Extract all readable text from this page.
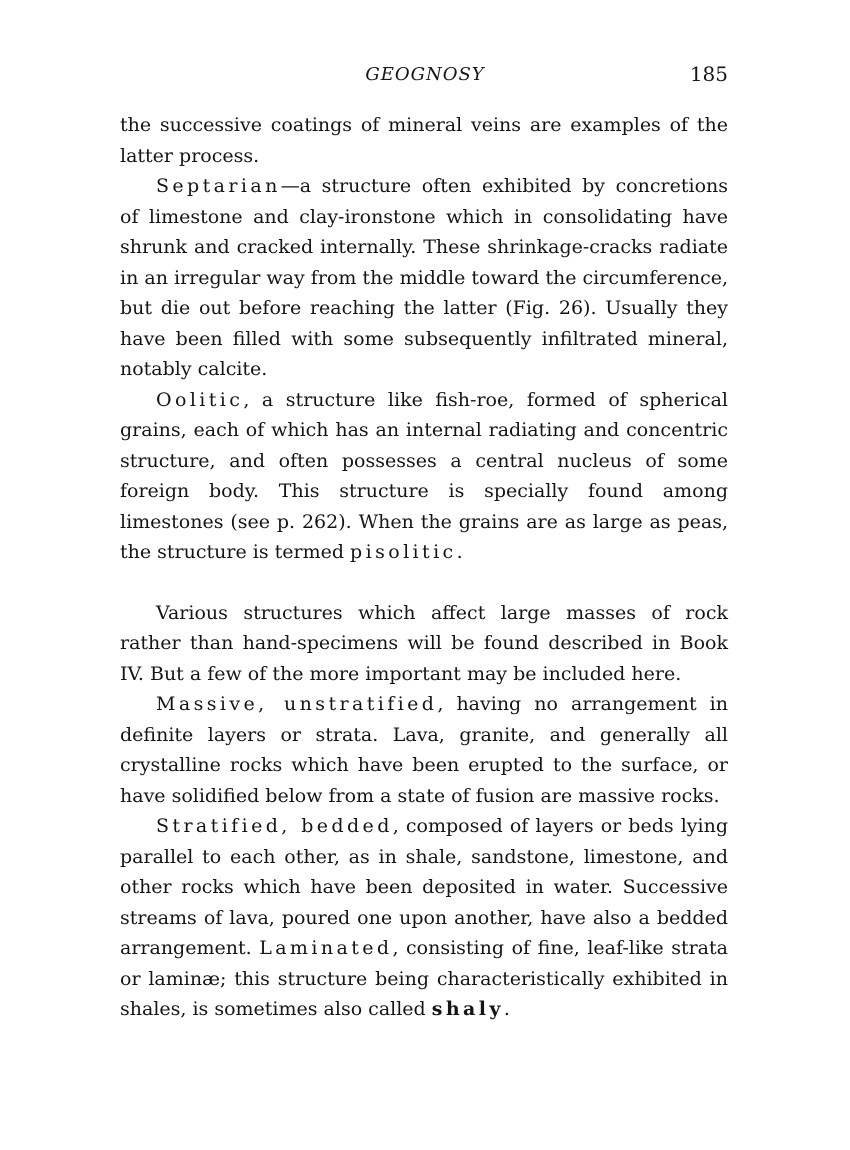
GEOGNOSY	185

the successive coatings of mineral veins are examples of the latter process.

Septarian—a structure often exhibited by concretions of limestone and clay-ironstone which in consolidating have shrunk and cracked internally. These shrinkage-cracks radiate in an irregular way from the middle toward the circumference, but die out before reaching the latter (Fig. 26). Usually they have been filled with some subsequently infiltrated mineral, notably calcite.

Oolitic, a structure like fish-roe, formed of spherical grains, each of which has an internal radiating and concentric structure, and often possesses a central nucleus of some foreign body. This structure is specially found among limestones (see p. 262). When the grains are as large as peas, the structure is termed pisolitic.

Various structures which affect large masses of rock rather than hand-specimens will be found described in Book IV. But a few of the more important may be included here.

Massive, unstratified, having no arrangement in definite layers or strata. Lava, granite, and generally all crystalline rocks which have been erupted to the surface, or have solidified below from a state of fusion are massive rocks.

Stratified, bedded, composed of layers or beds lying parallel to each other, as in shale, sandstone, limestone, and other rocks which have been deposited in water. Successive streams of lava, poured one upon another, have also a bedded arrangement. Laminated, consisting of fine, leaf-like strata or laminæ; this structure being characteristically exhibited in shales, is sometimes also called shaly.
